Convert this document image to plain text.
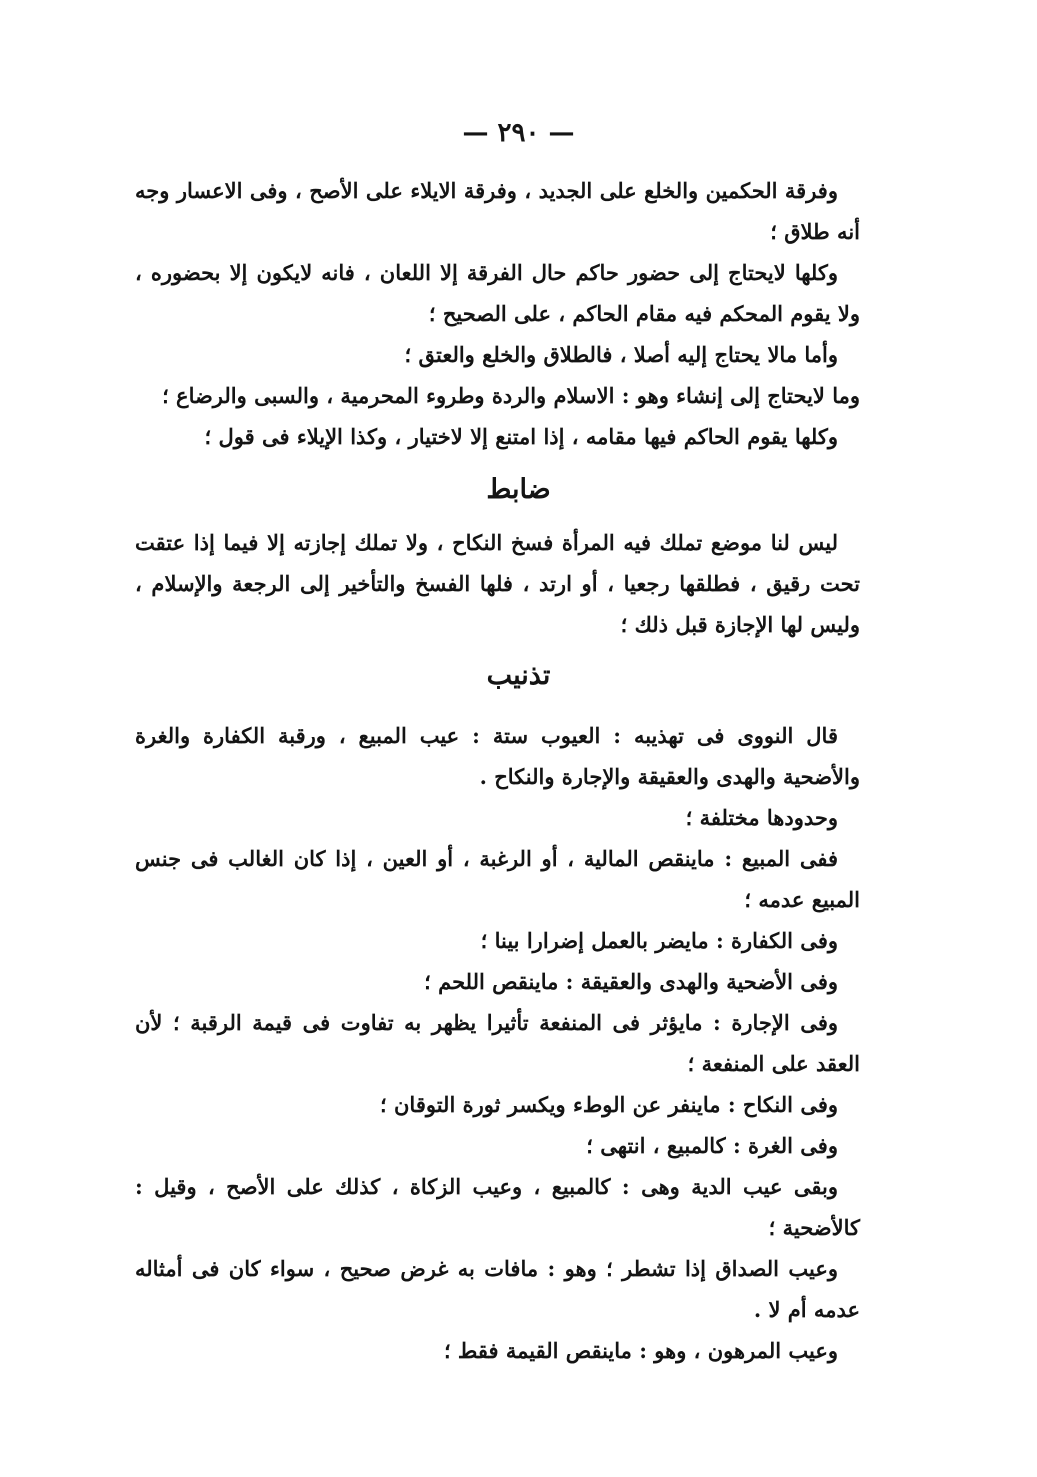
— ٢٩٠ —

وفرقة الحكمين والخلع على الجديد ، وفرقة الايلاء على الأصح ، وفى الاعسار وجه أنه طلاق ؛

وكلها لايحتاج إلى حضور حاكم حال الفرقة إلا اللعان ، فانه لايكون إلا بحضوره ، ولا يقوم المحكم فيه مقام الحاكم ، على الصحيح ؛

وأما مالا يحتاج إليه أصلا ، فالطلاق والخلع والعتق ؛

وما لايحتاج إلى إنشاء وهو : الاسلام والردة وطروء المحرمية ، والسبى والرضاع ؛

وكلها يقوم الحاكم فيها مقامه ، إذا امتنع إلا لاختيار ، وكذا الإيلاء فى قول ؛

ضابط

ليس لنا موضع تملك فيه المرأة فسخ النكاح ، ولا تملك إجازته إلا فيما إذا عتقت تحت رقيق ، فطلقها رجعيا ، أو ارتد ، فلها الفسخ والتأخير إلى الرجعة والإسلام ، وليس لها الإجازة قبل ذلك ؛

تذنيب

قال النووى فى تهذيبه : العيوب ستة : عيب المبيع ، ورقبة الكفارة والغرة والأضحية والهدى والعقيقة والإجارة والنكاح .

وحدودها مختلفة ؛

ففى المبيع : ماينقص المالية ، أو الرغبة ، أو العين ، إذا كان الغالب فى جنس المبيع عدمه ؛

وفى الكفارة : مايضر بالعمل إضرارا بينا ؛

وفى الأضحية والهدى والعقيقة : ماينقص اللحم ؛

وفى الإجارة : مايؤثر فى المنفعة تأثيرا يظهر به تفاوت فى قيمة الرقبة ؛ لأن العقد على المنفعة ؛

وفى النكاح : ماينفر عن الوطء ويكسر ثورة التوقان ؛

وفى الغرة : كالمبيع ، انتهى ؛

وبقى عيب الدية وهى : كالمبيع ، وعيب الزكاة ، كذلك على الأصح ، وقيل : كالأضحية ؛

وعيب الصداق إذا تشطر ؛ وهو : مافات به غرض صحيح ، سواء كان فى أمثاله عدمه أم لا .

وعيب المرهون ، وهو : ماينقص القيمة فقط ؛
